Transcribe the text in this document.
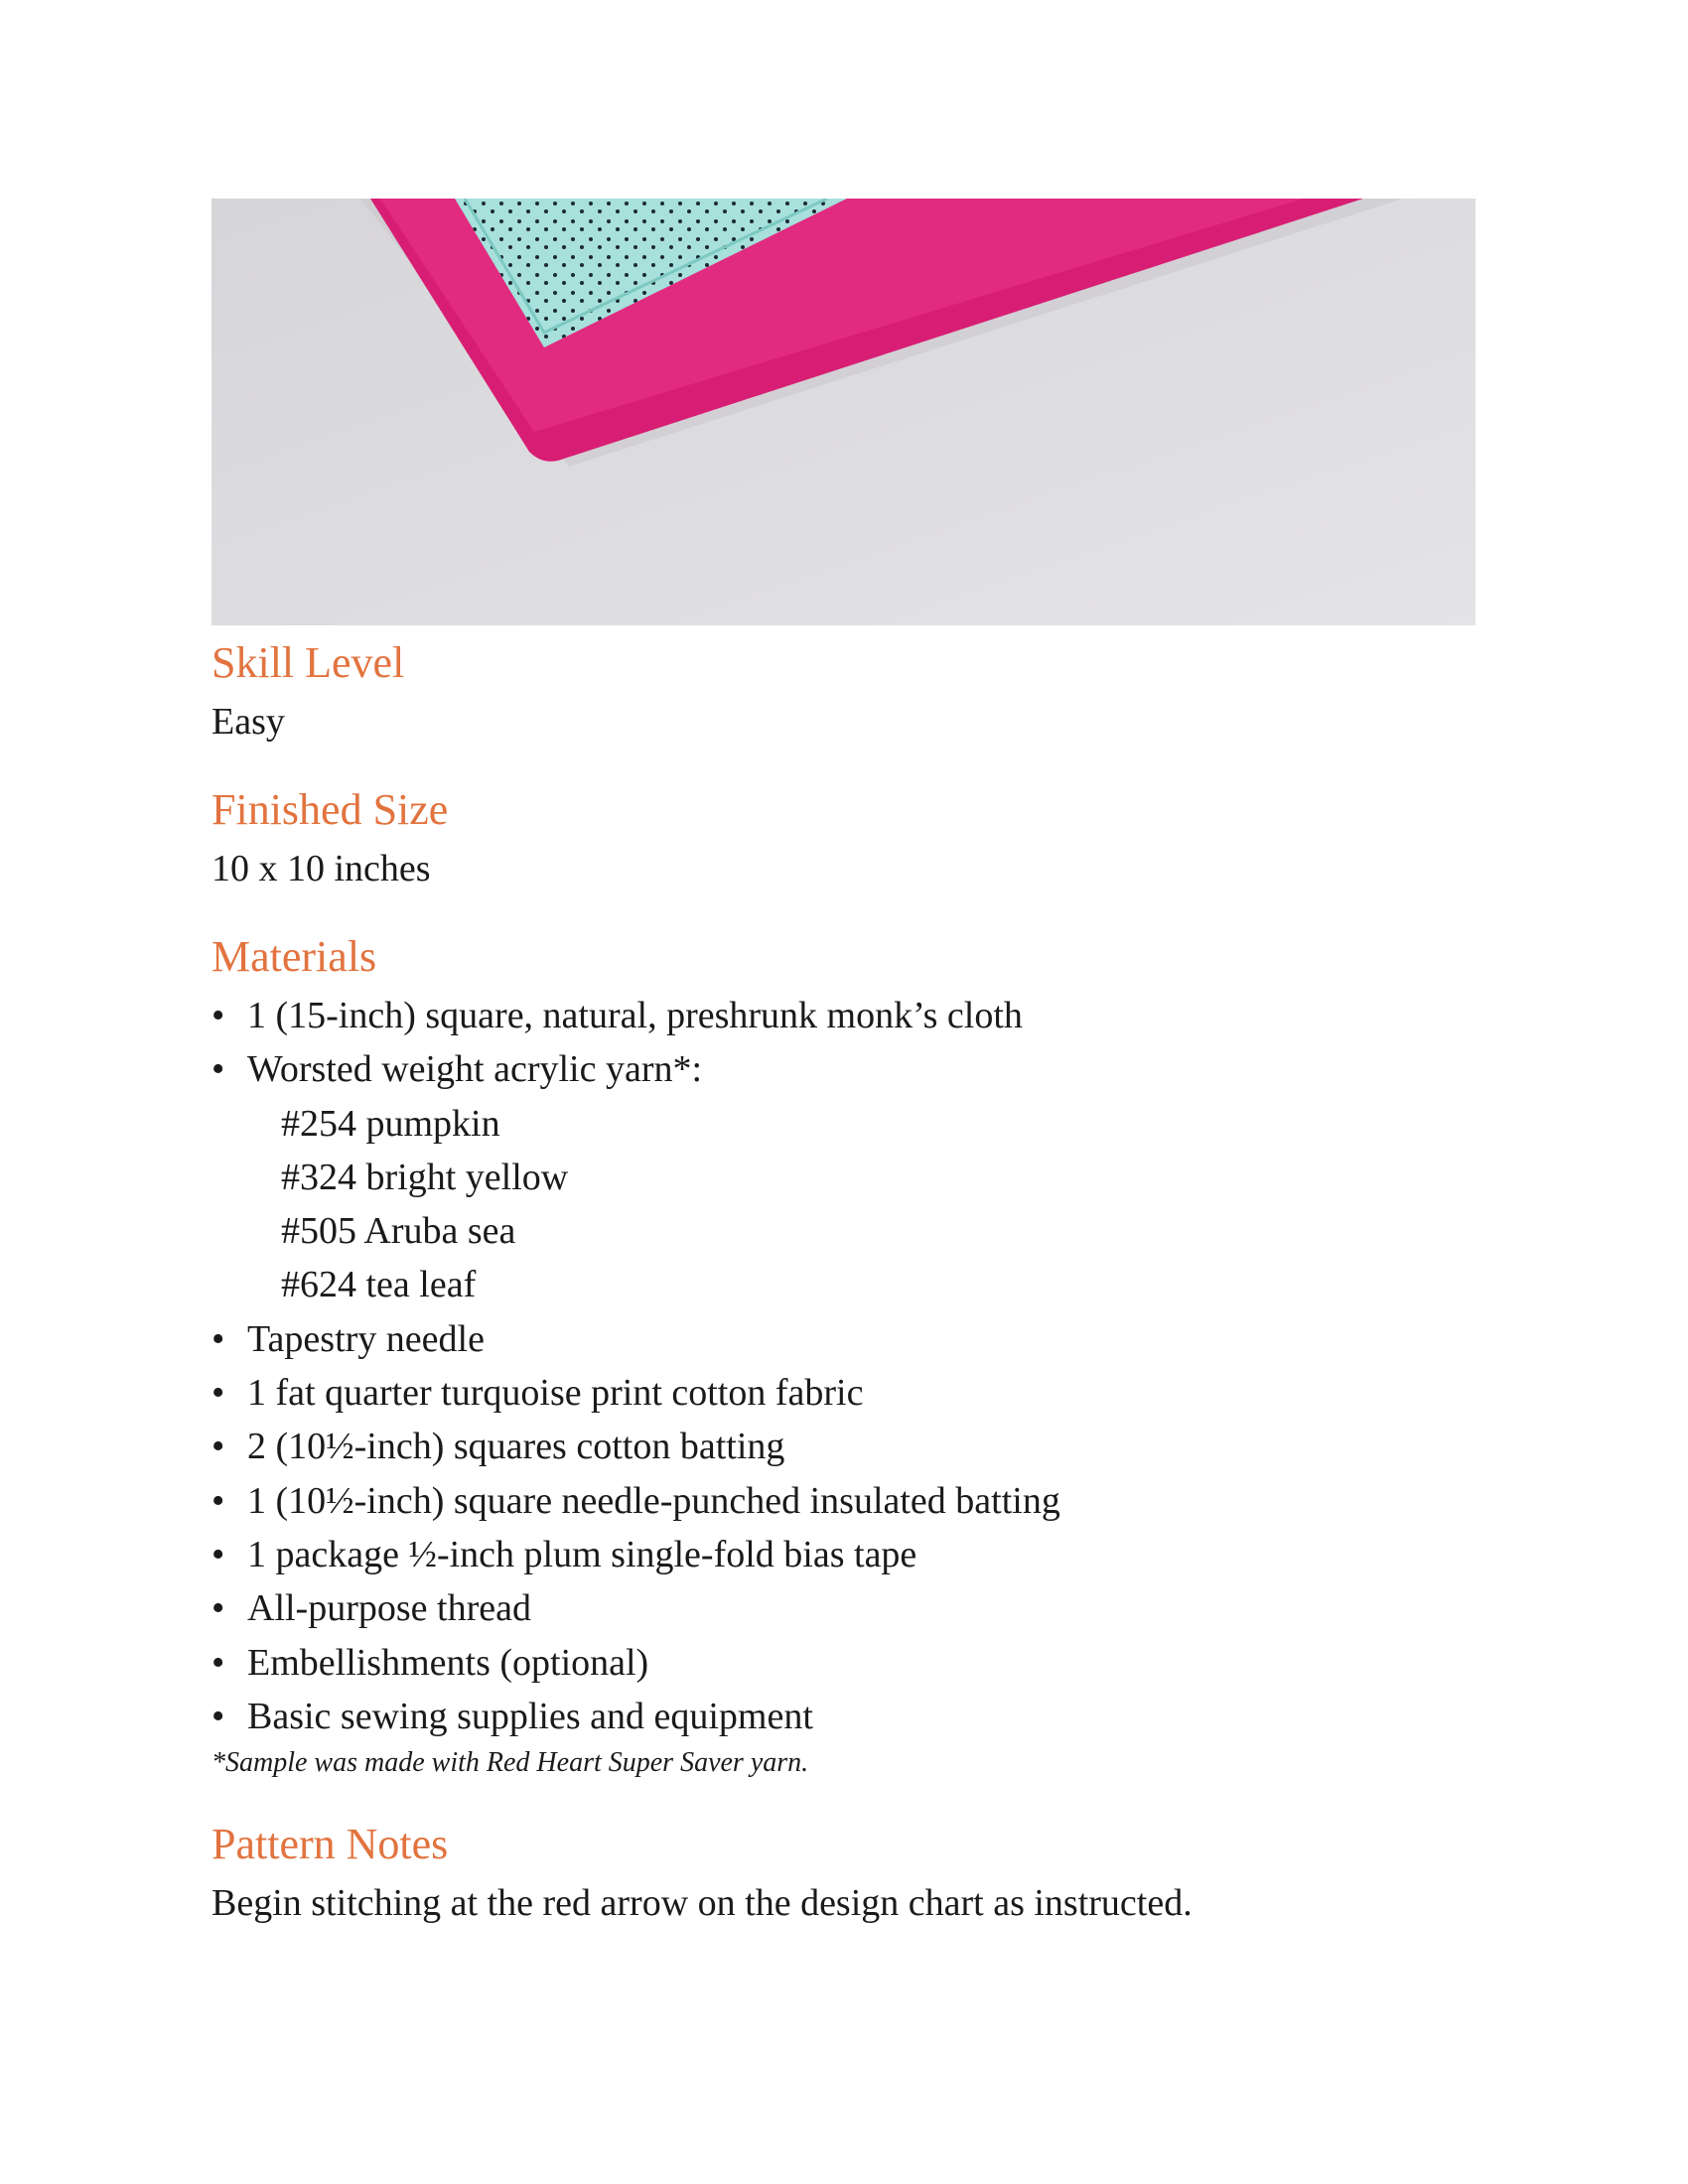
Skill Level

Easy

Finished Size

10 x 10 inches

Materials
• 1 (15-inch) square, natural, preshrunk monk’s cloth
• Worsted weight acrylic yarn*:
#254 pumpkin
#324 bright yellow
#505 Aruba sea
#624 tea leaf
• Tapestry needle
• 1 fat quarter turquoise print cotton fabric
• 2 (10½-inch) squares cotton batting
• 1 (10½-inch) square needle-punched insulated batting
• 1 package ½-inch plum single-fold bias tape
• All-purpose thread
• Embellishments (optional)
• Basic sewing supplies and equipment

*Sample was made with Red Heart Super Saver yarn.

Pattern Notes

Begin stitching at the red arrow on the design chart as instructed.
